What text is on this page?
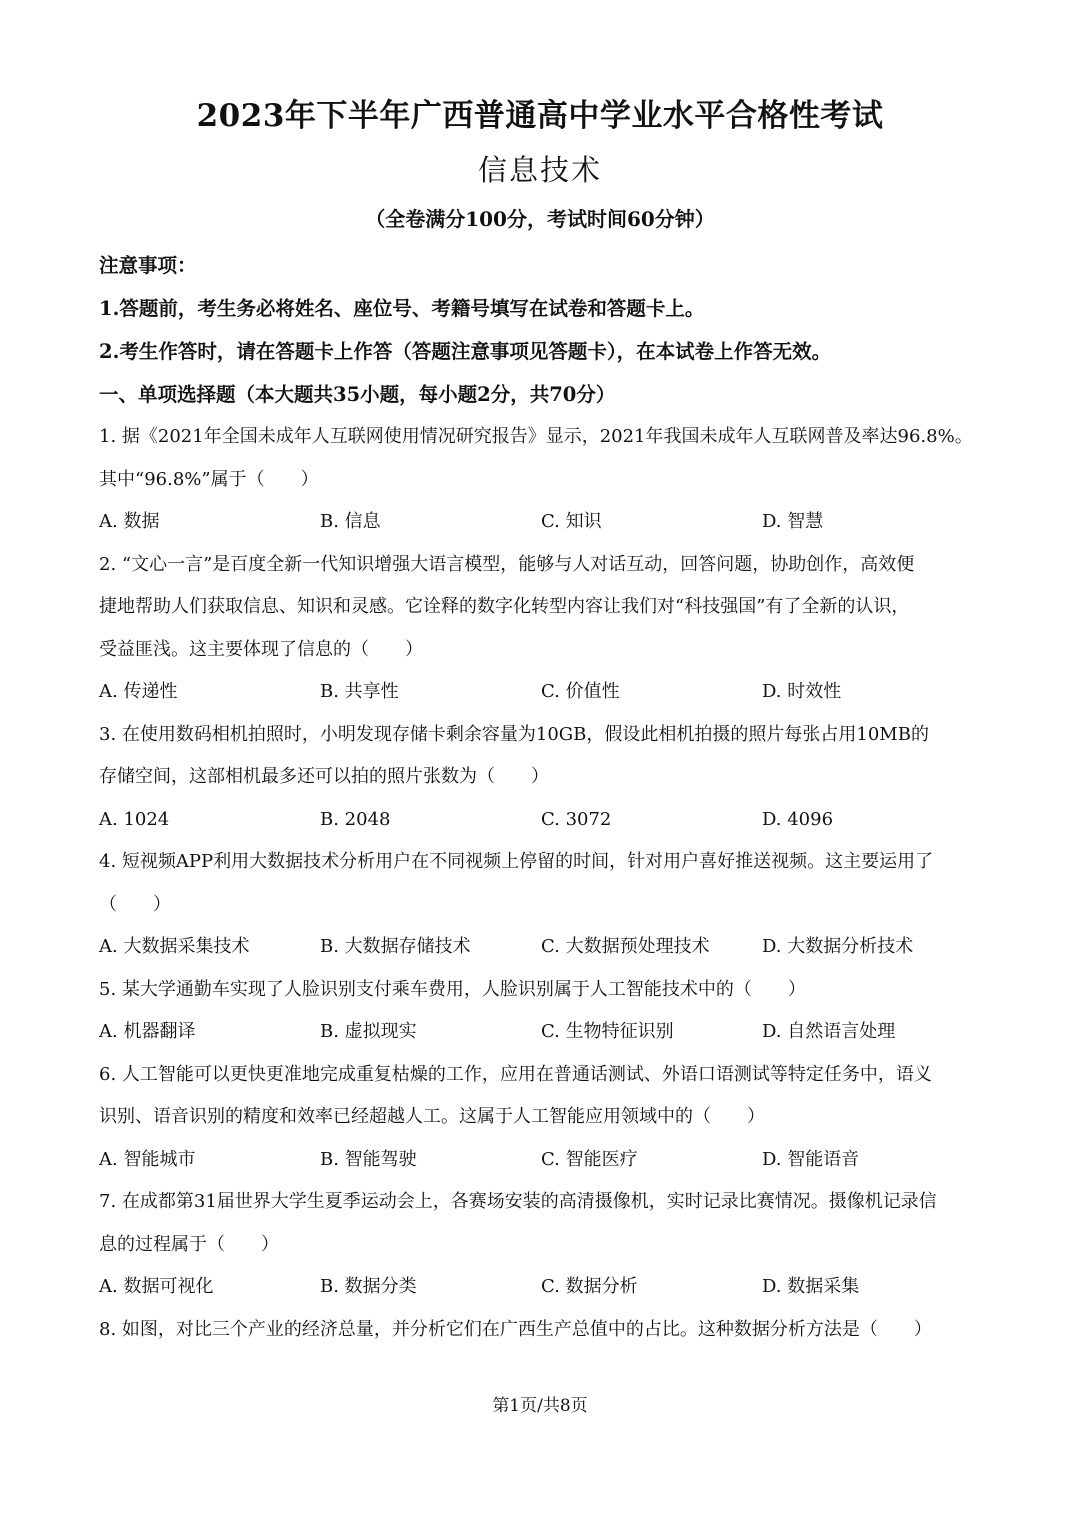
2023年下半年广西普通高中学业水平合格性考试
信息技术
（全卷满分100分，考试时间60分钟）
注意事项：
1.答题前，考生务必将姓名、座位号、考籍号填写在试卷和答题卡上。
2.考生作答时，请在答题卡上作答（答题注意事项见答题卡），在本试卷上作答无效。
一、单项选择题（本大题共35小题，每小题2分，共70分）
1. 据《2021年全国未成年人互联网使用情况研究报告》显示，2021年我国未成年人互联网普及率达96.8%。
其中“96.8%”属于（　　）
A. 数据	B. 信息	C. 知识	D. 智慧
2. “文心一言”是百度全新一代知识增强大语言模型，能够与人对话互动，回答问题，协助创作，高效便
捷地帮助人们获取信息、知识和灵感。它诠释的数字化转型内容让我们对“科技强国”有了全新的认识，
受益匪浅。这主要体现了信息的（　　）
A. 传递性	B. 共享性	C. 价值性	D. 时效性
3. 在使用数码相机拍照时，小明发现存储卡剩余容量为10GB，假设此相机拍摄的照片每张占用10MB的
存储空间，这部相机最多还可以拍的照片张数为（　　）
A. 1024	B. 2048	C. 3072	D. 4096
4. 短视频APP利用大数据技术分析用户在不同视频上停留的时间，针对用户喜好推送视频。这主要运用了
（　　）
A. 大数据采集技术	B. 大数据存储技术	C. 大数据预处理技术	D. 大数据分析技术
5. 某大学通勤车实现了人脸识别支付乘车费用，人脸识别属于人工智能技术中的（　　）
A. 机器翻译	B. 虚拟现实	C. 生物特征识别	D. 自然语言处理
6. 人工智能可以更快更准地完成重复枯燥的工作，应用在普通话测试、外语口语测试等特定任务中，语义
识别、语音识别的精度和效率已经超越人工。这属于人工智能应用领域中的（　　）
A. 智能城市	B. 智能驾驶	C. 智能医疗	D. 智能语音
7. 在成都第31届世界大学生夏季运动会上，各赛场安装的高清摄像机，实时记录比赛情况。摄像机记录信
息的过程属于（　　）
A. 数据可视化	B. 数据分类	C. 数据分析	D. 数据采集
8. 如图，对比三个产业的经济总量，并分析它们在广西生产总值中的占比。这种数据分析方法是（　　）
第1页/共8页
